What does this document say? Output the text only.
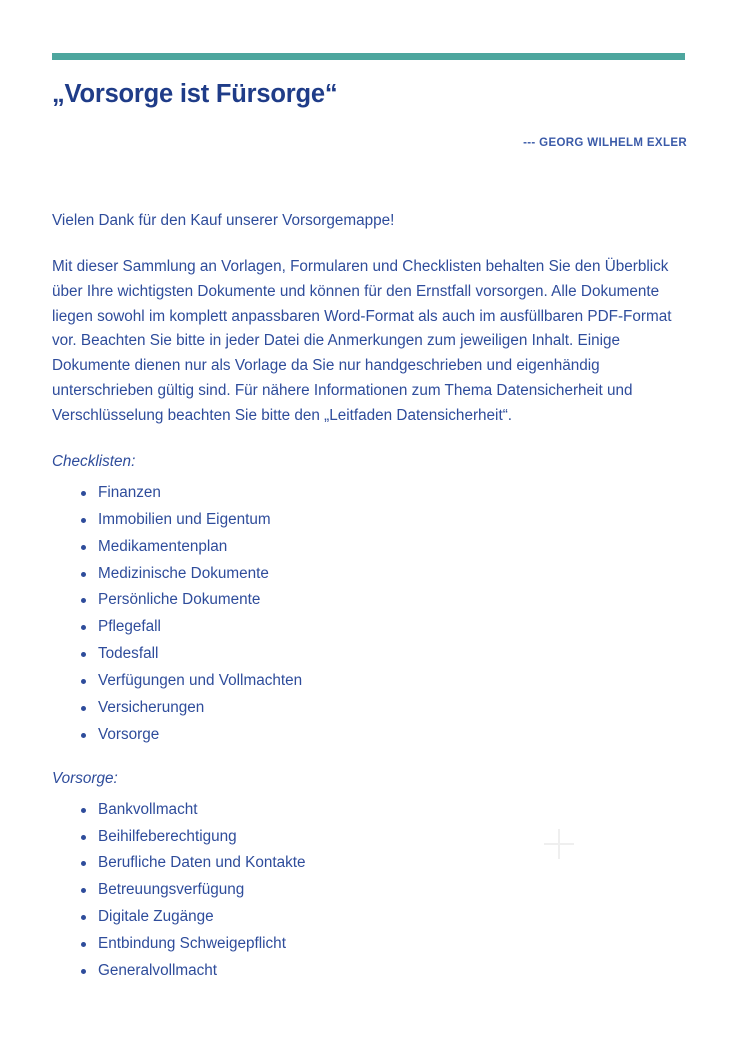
„Vorsorge ist Fürsorge“

--- GEORG WILHELM EXLER

Vielen Dank für den Kauf unserer Vorsorgemappe!

Mit dieser Sammlung an Vorlagen, Formularen und Checklisten behalten Sie den Überblick über Ihre wichtigsten Dokumente und können für den Ernstfall vorsorgen. Alle Dokumente liegen sowohl im komplett anpassbaren Word-Format als auch im ausfüllbaren PDF-Format vor. Beachten Sie bitte in jeder Datei die Anmerkungen zum jeweiligen Inhalt. Einige Dokumente dienen nur als Vorlage da Sie nur handgeschrieben und eigenhändig unterschrieben gültig sind. Für nähere Informationen zum Thema Datensicherheit und Verschlüsselung beachten Sie bitte den „Leitfaden Datensicherheit“.

Checklisten:

Finanzen
Immobilien und Eigentum
Medikamentenplan
Medizinische Dokumente
Persönliche Dokumente
Pflegefall
Todesfall
Verfügungen und Vollmachten
Versicherungen
Vorsorge

Vorsorge:

Bankvollmacht
Beihilfeberechtigung
Berufliche Daten und Kontakte
Betreuungsverfügung
Digitale Zugänge
Entbindung Schweigepflicht
Generalvollmacht
